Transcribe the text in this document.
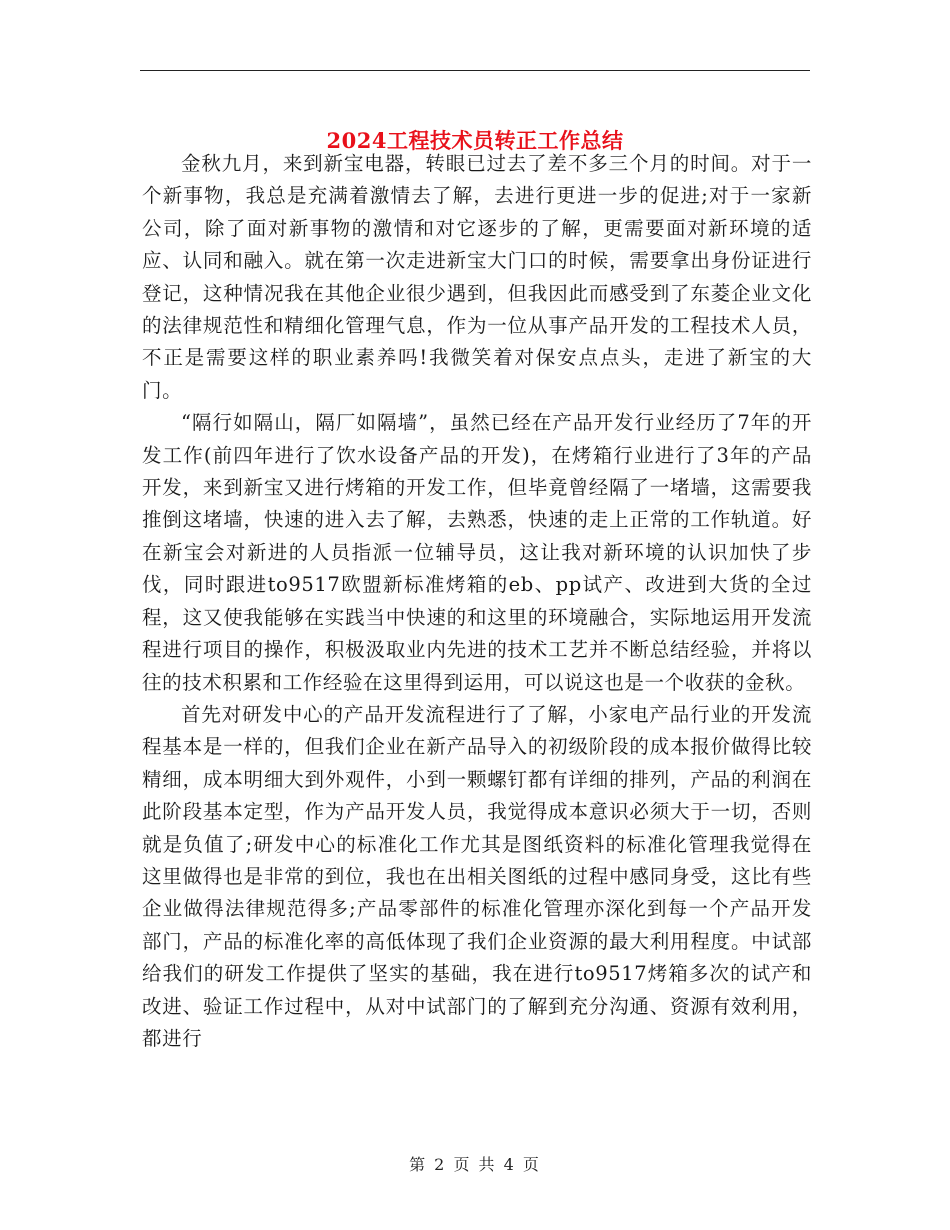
2024工程技术员转正工作总结

金秋九月，来到新宝电器，转眼已过去了差不多三个月的时间。对于一个新事物，我总是充满着激情去了解，去进行更进一步的促进;对于一家新公司，除了面对新事物的激情和对它逐步的了解，更需要面对新环境的适应、认同和融入。就在第一次走进新宝大门口的时候，需要拿出身份证进行登记，这种情况我在其他企业很少遇到，但我因此而感受到了东菱企业文化的法律规范性和精细化管理气息，作为一位从事产品开发的工程技术人员，不正是需要这样的职业素养吗!我微笑着对保安点点头，走进了新宝的大门。

“隔行如隔山，隔厂如隔墙”，虽然已经在产品开发行业经历了7年的开发工作(前四年进行了饮水设备产品的开发)，在烤箱行业进行了3年的产品开发，来到新宝又进行烤箱的开发工作，但毕竟曾经隔了一堵墙，这需要我推倒这堵墙，快速的进入去了解，去熟悉，快速的走上正常的工作轨道。好在新宝会对新进的人员指派一位辅导员，这让我对新环境的认识加快了步伐，同时跟进to9517欧盟新标准烤箱的eb、pp试产、改进到大货的全过程，这又使我能够在实践当中快速的和这里的环境融合，实际地运用开发流程进行项目的操作，积极汲取业内先进的技术工艺并不断总结经验，并将以往的技术积累和工作经验在这里得到运用，可以说这也是一个收获的金秋。

首先对研发中心的产品开发流程进行了了解，小家电产品行业的开发流程基本是一样的，但我们企业在新产品导入的初级阶段的成本报价做得比较精细，成本明细大到外观件，小到一颗螺钉都有详细的排列，产品的利润在此阶段基本定型，作为产品开发人员，我觉得成本意识必须大于一切，否则就是负值了;研发中心的标准化工作尤其是图纸资料的标准化管理我觉得在这里做得也是非常的到位，我也在出相关图纸的过程中感同身受，这比有些企业做得法律规范得多;产品零部件的标准化管理亦深化到每一个产品开发部门，产品的标准化率的高低体现了我们企业资源的最大利用程度。中试部给我们的研发工作提供了坚实的基础，我在进行to9517烤箱多次的试产和改进、验证工作过程中，从对中试部门的了解到充分沟通、资源有效利用，都进行

第 2 页 共 4 页
